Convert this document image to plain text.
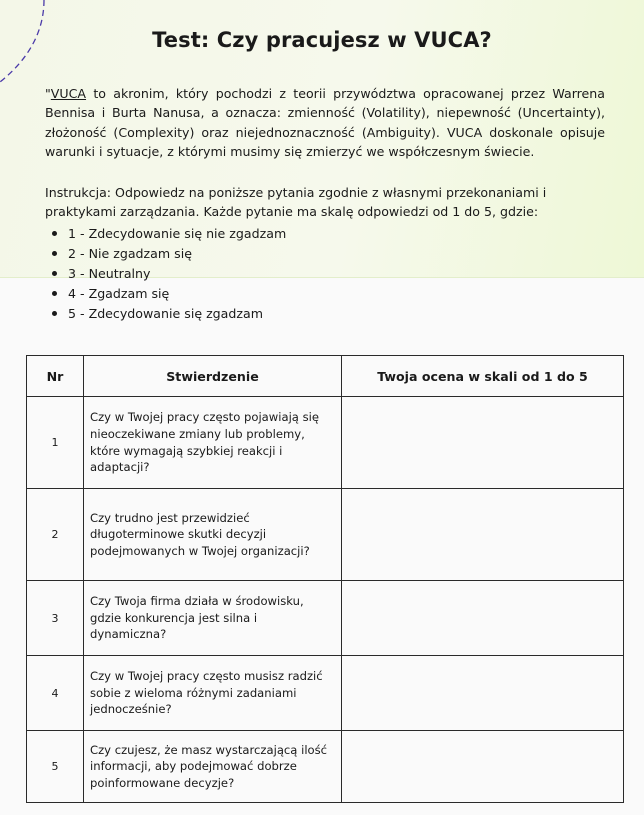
Test: Czy pracujesz w VUCA?

"VUCA to akronim, który pochodzi z teorii przywództwa opracowanej przez Warrena Bennisa i Burta Nanusa, a oznacza: zmienność (Volatility), niepewność (Uncertainty), złożoność (Complexity) oraz niejednoznaczność (Ambiguity). VUCA doskonale opisuje warunki i sytuacje, z którymi musimy się zmierzyć we współczesnym świecie.

Instrukcja: Odpowiedz na poniższe pytania zgodnie z własnymi przekonaniami i praktykami zarządzania. Każde pytanie ma skalę odpowiedzi od 1 do 5, gdzie:

1 - Zdecydowanie się nie zgadzam
2 - Nie zgadzam się
3 - Neutralny
4 - Zgadzam się
5 - Zdecydowanie się zgadzam
Nr	Stwierdzenie	Twoja ocena w skali od 1 do 5
1	Czy w Twojej pracy często pojawiają się nieoczekiwane zmiany lub problemy, które wymagają szybkiej reakcji i adaptacji?	
2	Czy trudno jest przewidzieć długoterminowe skutki decyzji podejmowanych w Twojej organizacji?	
3	Czy Twoja firma działa w środowisku, gdzie konkurencja jest silna i dynamiczna?	
4	Czy w Twojej pracy często musisz radzić sobie z wieloma różnymi zadaniami jednocześnie?	
5	Czy czujesz, że masz wystarczającą ilość informacji, aby podejmować dobrze poinformowane decyzje?	
